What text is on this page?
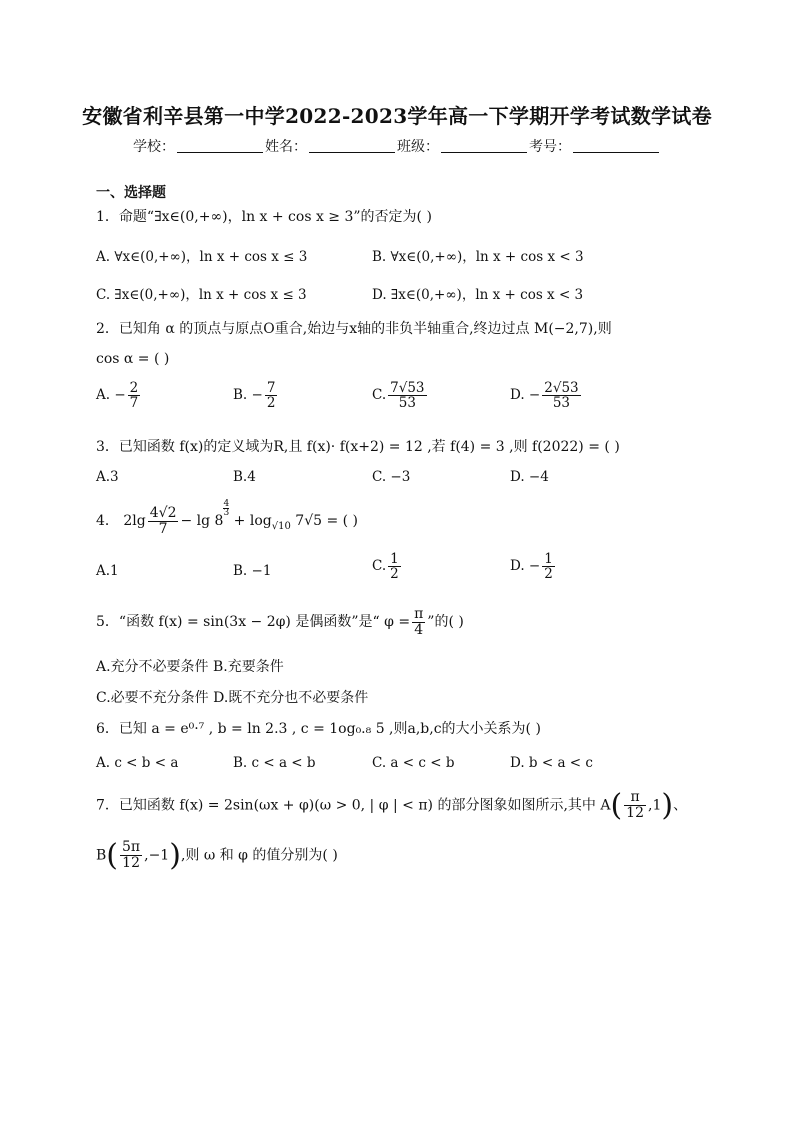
安徽省利辛县第一中学2022-2023学年高一下学期开学考试数学试卷
学校：	姓名：	班级：	考号：
一、选择题
1．命题“∃x∈(0,+∞)，ln x + cos x ≥ 3”的否定为( )
A. ∀x∈(0,+∞)，ln x + cos x ≤ 3	B. ∀x∈(0,+∞)，ln x + cos x < 3
C. ∃x∈(0,+∞)，ln x + cos x ≤ 3	D. ∃x∈(0,+∞)，ln x + cos x < 3
2．已知角 α 的顶点与原点O重合,始边与x轴的非负半轴重合,终边过点 M(−2,7),则
cos α = ( )
A. − $\frac{2}{7}$	B. − $\frac{7}{2}$	C. $\frac{7√53}{53}$	D. − $\frac{2√53}{53}$
3．已知函数 f(x)的定义域为R,且 f(x)· f(x+2) = 12 ,若 f(4) = 3 ,则 f(2022) = ( )
A.3	B.4	C. −3	D. −4
4． $2\lg \frac{4√2}{7} - \lg 8$
$^{\frac{4}{3}}$
+ $\log_{√10} 7√5$ = ( )
A.1	B. −1	C. $\frac{1}{2}$	D. − $\frac{1}{2}$
5．“函数 f(x) = sin(3x − 2φ) 是偶函数”是“ $\varphi = \frac{\pi}{4}$ ”的( )
A.充分不必要条件 B.充要条件
C.必要不充分条件 D.既不充分也不必要条件
6．已知 a = e⁰·⁷ , b = ln 2.3 , c = 1og₀.₈ 5 ,则a,b,c的大小关系为( )
A. c < b < a	B. c < a < b	C. a < c < b	D. b < a < c
7．已知函数 f(x) = 2sin(ωx + φ)(ω > 0, | φ | < π) 的部分图象如图所示,其中 $A( \frac{\pi}{12} ,1)$、
$B( \frac{5\pi}{12} ,-1)$,则 ω 和 φ 的值分别为( )
